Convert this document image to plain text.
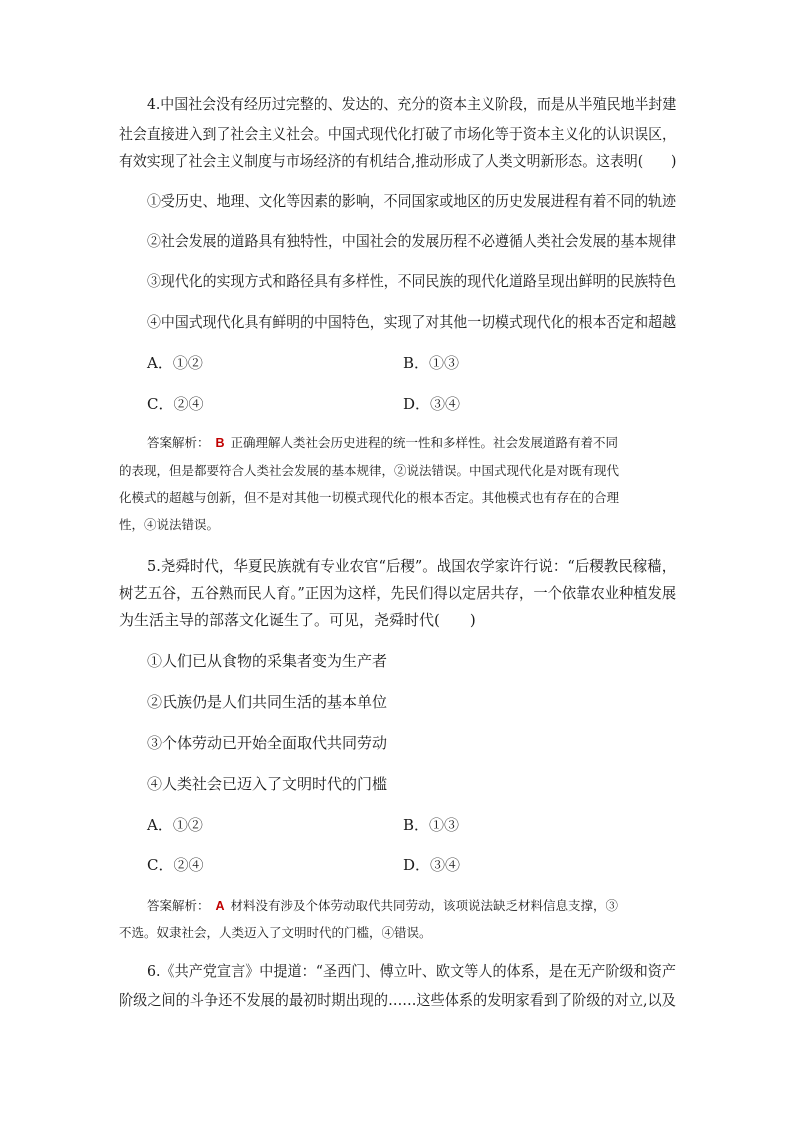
4.中国社会没有经历过完整的、发达的、充分的资本主义阶段，而是从半殖民地半封建
社会直接进入到了社会主义社会。中国式现代化打破了市场化等于资本主义化的认识误区，
有效实现了社会主义制度与市场经济的有机结合,推动形成了人类文明新形态。这表明(　　)
①受历史、地理、文化等因素的影响，不同国家或地区的历史发展进程有着不同的轨迹
②社会发展的道路具有独特性，中国社会的发展历程不必遵循人类社会发展的基本规律
③现代化的实现方式和路径具有多样性，不同民族的现代化道路呈现出鲜明的民族特色
④中国式现代化具有鲜明的中国特色，实现了对其他一切模式现代化的根本否定和超越
A．①②	B．①③
C．②④	D．③④
答案解析： B 正确理解人类社会历史进程的统一性和多样性。社会发展道路有着不同
的表现，但是都要符合人类社会发展的基本规律，②说法错误。中国式现代化是对既有现代
化模式的超越与创新，但不是对其他一切模式现代化的根本否定。其他模式也有存在的合理
性，④说法错误。
5.尧舜时代，华夏民族就有专业农官“后稷”。战国农学家许行说：“后稷教民稼穑，
树艺五谷，五谷熟而民人育。”正因为这样，先民们得以定居共存，一个依靠农业种植发展
为生活主导的部落文化诞生了。可见，尧舜时代(　　)
①人们已从食物的采集者变为生产者
②氏族仍是人们共同生活的基本单位
③个体劳动已开始全面取代共同劳动
④人类社会已迈入了文明时代的门槛
A．①②	B．①③
C．②④	D．③④
答案解析： A 材料没有涉及个体劳动取代共同劳动，该项说法缺乏材料信息支撑，③
不选。奴隶社会，人类迈入了文明时代的门槛，④错误。
6.《共产党宣言》中提道：“圣西门、傅立叶、欧文等人的体系，是在无产阶级和资产
阶级之间的斗争还不发展的最初时期出现的……这些体系的发明家看到了阶级的对立,以及
